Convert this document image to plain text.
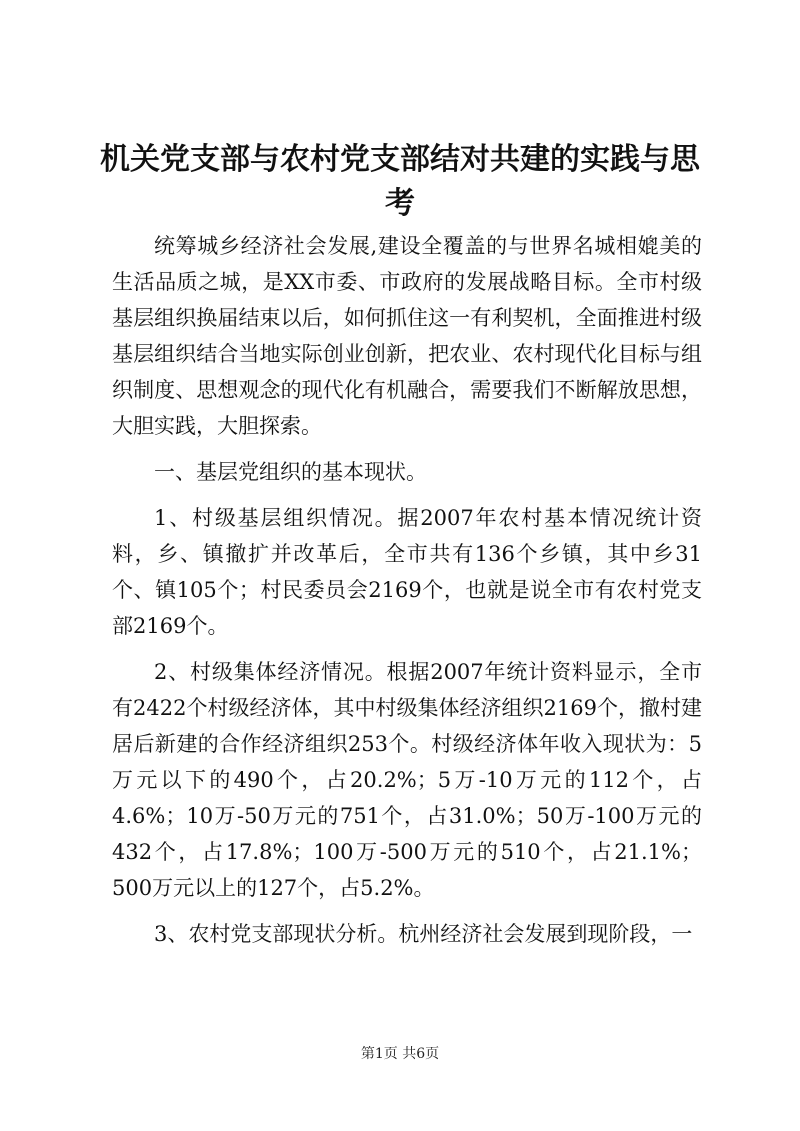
机关党支部与农村党支部结对共建的实践与思考

统筹城乡经济社会发展,建设全覆盖的与世界名城相媲美的生活品质之城，是XX市委、市政府的发展战略目标。全市村级基层组织换届结束以后，如何抓住这一有利契机，全面推进村级基层组织结合当地实际创业创新，把农业、农村现代化目标与组织制度、思想观念的现代化有机融合，需要我们不断解放思想，大胆实践，大胆探索。

一、基层党组织的基本现状。

1、村级基层组织情况。据2007年农村基本情况统计资料，乡、镇撤扩并改革后，全市共有136个乡镇，其中乡31个、镇105个；村民委员会2169个，也就是说全市有农村党支部2169个。

2、村级集体经济情况。根据2007年统计资料显示，全市有2422个村级经济体，其中村级集体经济组织2169个，撤村建居后新建的合作经济组织253个。村级经济体年收入现状为：5万元以下的490个，占20.2%；5万-10万元的112个，占4.6%；10万-50万元的751个，占31.0%；50万-100万元的432个，占17.8%；100万-500万元的510个，占21.1%；500万元以上的127个，占5.2%。

3、农村党支部现状分析。杭州经济社会发展到现阶段，一

第1页 共6页
